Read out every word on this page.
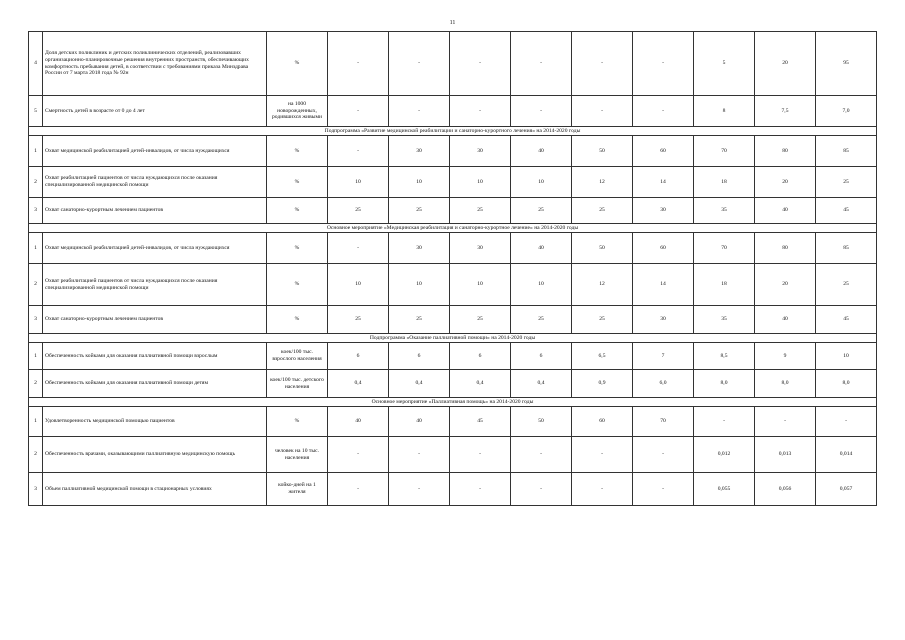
11
4	Доля детских поликлиник и детских поликлинических отделений, реализовавших организационно-планировочные решения внутренних пространств, обеспечивающих комфортность пребывания детей, в соответствии с требованиями приказа Минздрава России от 7 марта 2018 года № 92н	%	-	-	-	-	-	-	5	20	95
5	Смертность детей в возрасте от 0 до 4 лет	на 1000 новорожденных, родившихся живыми	-	-	-	-	-	-	8	7,5	7,0
Подпрограмма «Развитие медицинской реабилитации и санаторно-курортного лечения» на 2014-2020 годы											
1	Охват медицинской реабилитацией детей-инвалидов, от числа нуждающихся	%	-	30	30	40	50	60	70	80	85
2	Охват реабилитацией пациентов от числа нуждающихся после оказания специализированной медицинской помощи	%	10	10	10	10	12	14	18	20	25
3	Охват санаторно-курортным лечением пациентов	%	25	25	25	25	25	30	35	40	45
Основное мероприятие «Медицинская реабилитация и санаторно-курортное лечение» на 2014-2020 годы											
1	Охват медицинской реабилитацией детей-инвалидов, от числа нуждающихся	%	-	30	30	40	50	60	70	80	85
2	Охват реабилитацией пациентов от числа нуждающихся после оказания специализированной медицинской помощи	%	10	10	10	10	12	14	18	20	25
3	Охват санаторно-курортным лечением пациентов	%	25	25	25	25	25	30	35	40	45
Подпрограмма «Оказание паллиативной помощи» на 2014-2020 годы											
1	Обеспеченность койками для оказания паллиативной помощи взрослым	коек/100 тыс. взрослого населения	6	6	6	6	6,5	7	8,5	9	10
2	Обеспеченность койками для оказания паллиативной помощи детям	коек/100 тыс. детского населения	0,4	0,4	0,4	0,4	0,9	6,0	8,0	8,0	8,0
Основное мероприятие «Паллиативная помощь» на 2014-2020 годы											
1	Удовлетворенность медицинской помощью пациентов	%	40	40	45	50	60	70	-	-	-
2	Обеспеченность врачами, оказывающими паллиативную медицинскую помощь	человек на 10 тыс. населения	-	-	-	-	-	-	0,012	0,013	0,014
3	Объем паллиативной медицинской помощи в стационарных условиях	койко-дней на 1 жителя	-	-	-	-	-	-	0,055	0,056	0,057
